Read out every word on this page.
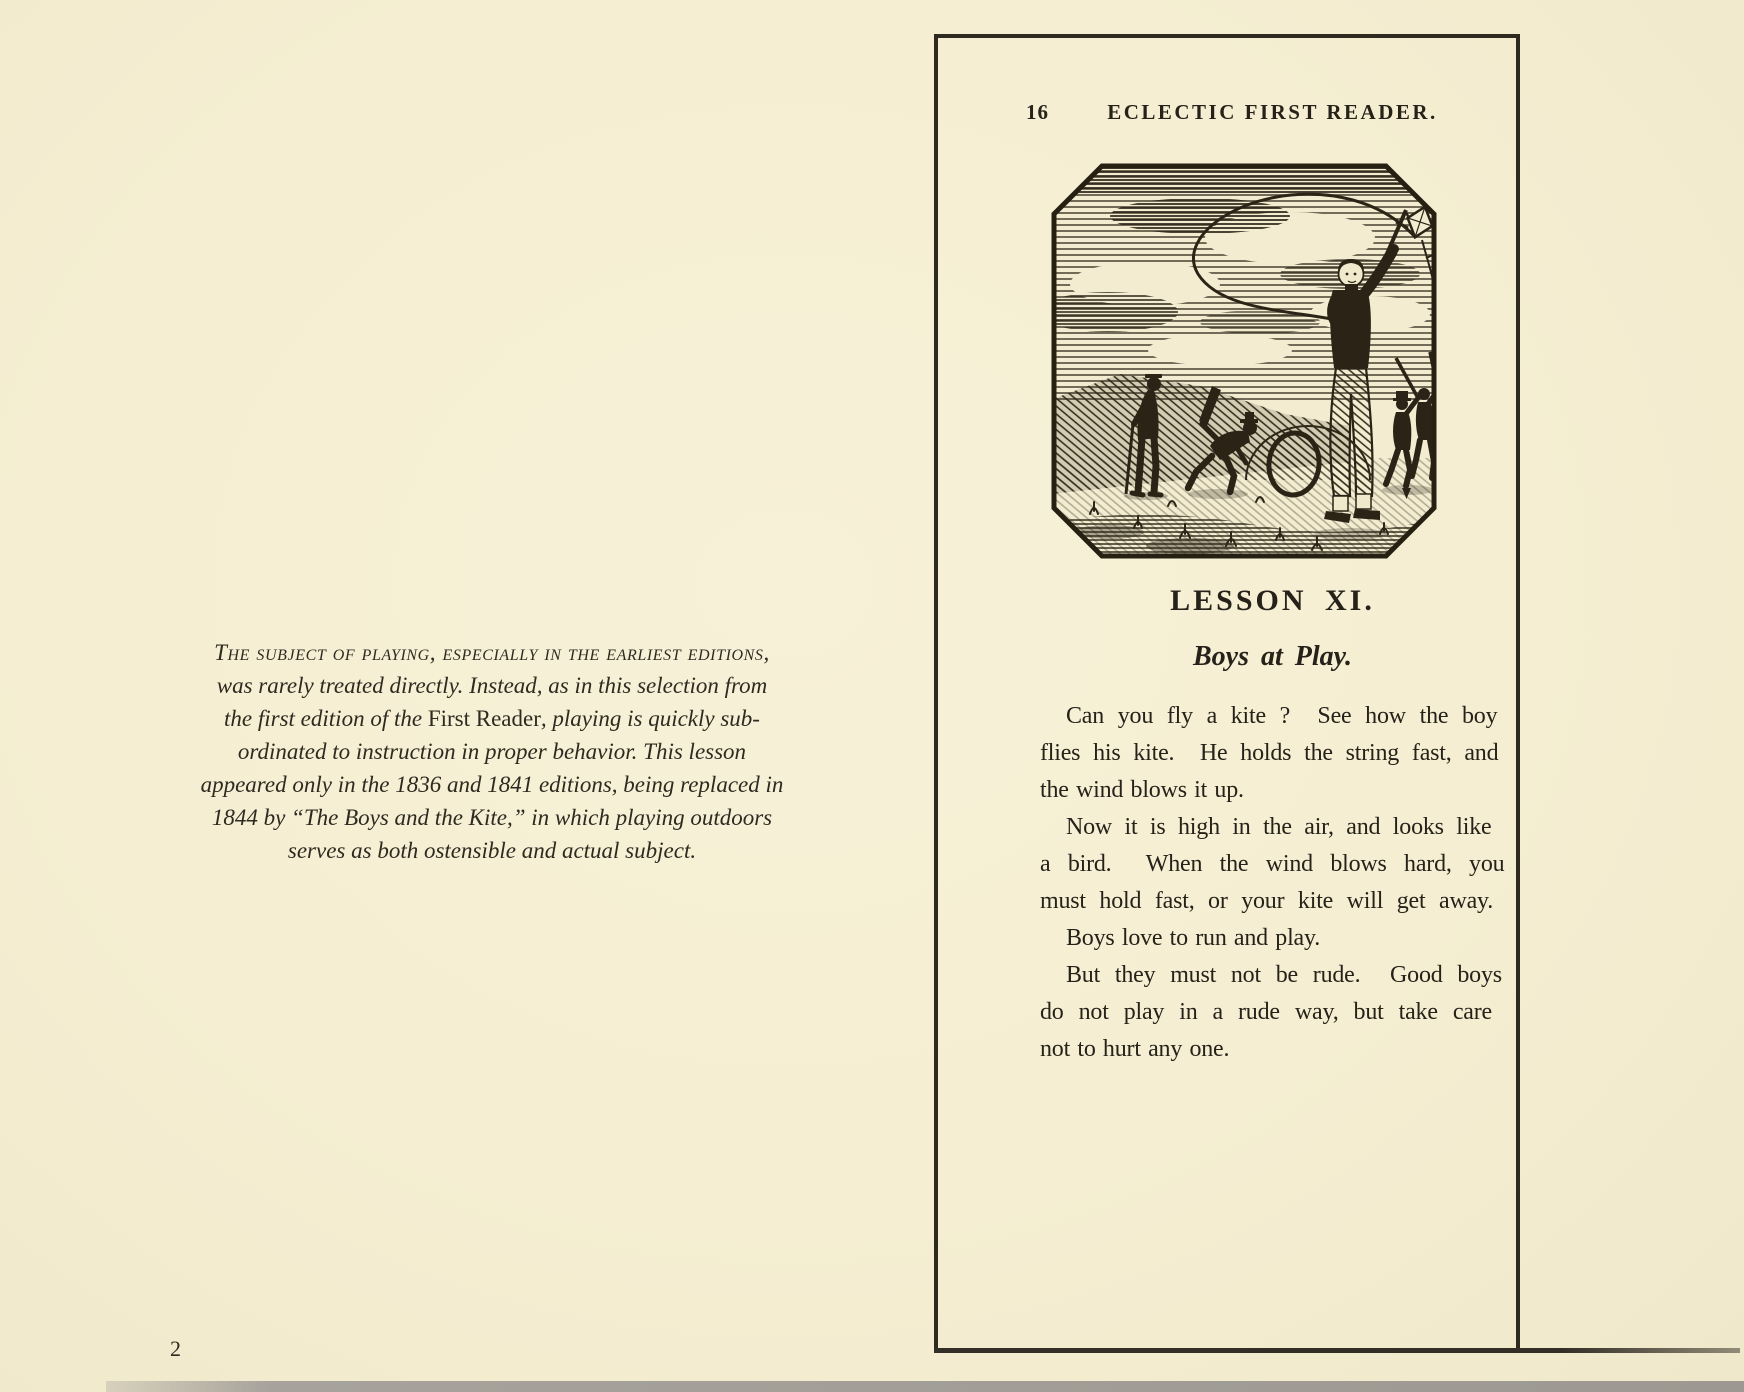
The subject of playing, especially in the earliest editions,
was rarely treated directly. Instead, as in this selection from
the first edition of the First Reader, playing is quickly sub-
ordinated to instruction in proper behavior. This lesson
appeared only in the 1836 and 1841 editions, being replaced in
1844 by “The Boys and the Kite,” in which playing outdoors
serves as both ostensible and actual subject.
2
16	ECLECTIC FIRST READER.
LESSON XI.
Boys at Play.
Can you fly a kite ?  See how the boy
flies his kite.  He holds the string fast, and
the wind blows it up.
Now it is high in the air, and looks like
a bird.  When the wind blows hard, you
must hold fast, or your kite will get away.
Boys love to run and play.
But they must not be rude.  Good boys
do not play in a rude way, but take care
not to hurt any one.
